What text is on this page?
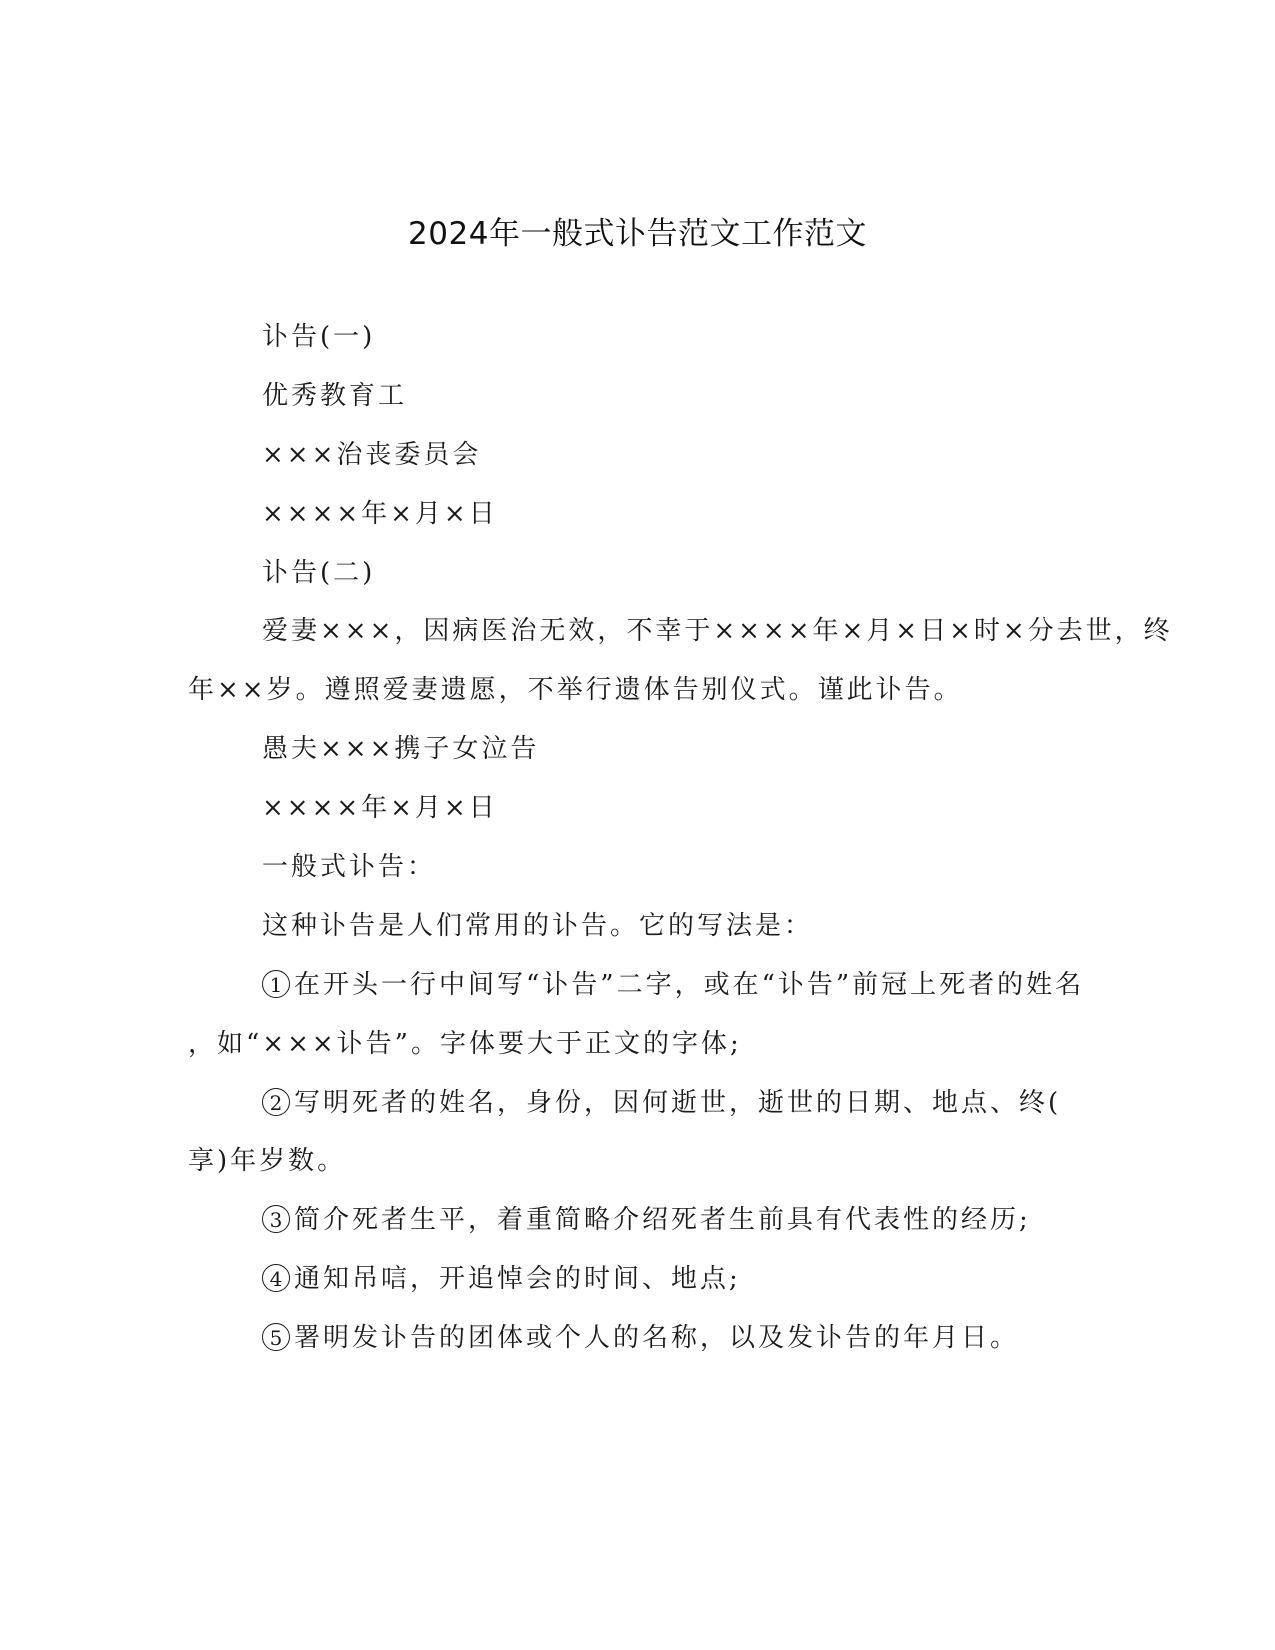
2024年一般式讣告范文工作范文
讣告(一)
优秀教育工
×××治丧委员会
××××年×月×日
讣告(二)
爱妻×××，因病医治无效，不幸于××××年×月×日×时×分去世，终
年××岁。遵照爱妻遗愿，不举行遗体告别仪式。谨此讣告。
愚夫×××携子女泣告
××××年×月×日
一般式讣告：
这种讣告是人们常用的讣告。它的写法是：
1 在开头一行中间写“讣告”二字，或在“讣告”前冠上死者的姓名
，如“×××讣告”。字体要大于正文的字体;
2 写明死者的姓名，身份，因何逝世，逝世的日期、地点、终(
享)年岁数。
3 简介死者生平，着重简略介绍死者生前具有代表性的经历;
4 通知吊唁，开追悼会的时间、地点;
5 署明发讣告的团体或个人的名称，以及发讣告的年月日。
